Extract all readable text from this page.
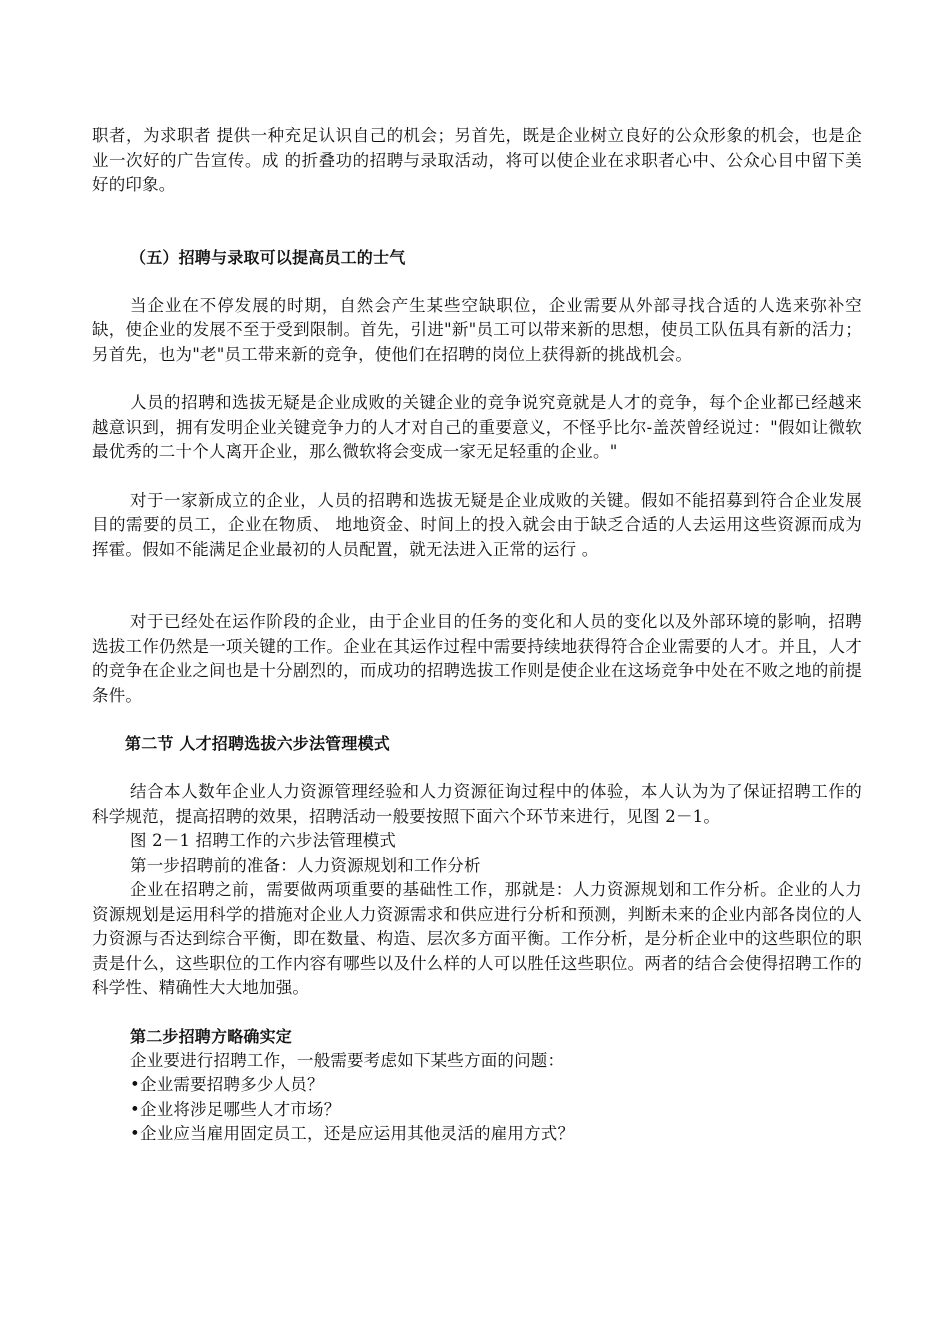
职者，为求职者 提供一种充足认识自己的机会；另首先，既是企业树立良好的公众形象的机会，也是企业一次好的广告宣传。成 的折叠功的招聘与录取活动，将可以使企业在求职者心中、公众心目中留下美好的印象。

（五）招聘与录取可以提高员工的士气

当企业在不停发展的时期，自然会产生某些空缺职位，企业需要从外部寻找合适的人选来弥补空缺，使企业的发展不至于受到限制。首先，引进"新"员工可以带来新的思想，使员工队伍具有新的活力；另首先，也为"老"员工带来新的竞争，使他们在招聘的岗位上获得新的挑战机会。

人员的招聘和选拔无疑是企业成败的关键企业的竞争说究竟就是人才的竞争，每个企业都已经越来越意识到，拥有发明企业关键竞争力的人才对自己的重要意义，不怪乎比尔-盖茨曾经说过："假如让微软最优秀的二十个人离开企业，那么微软将会变成一家无足轻重的企业。"

对于一家新成立的企业，人员的招聘和选拔无疑是企业成败的关键。假如不能招募到符合企业发展目的需要的员工，企业在物质、 地地资金、时间上的投入就会由于缺乏合适的人去运用这些资源而成为挥霍。假如不能满足企业最初的人员配置，就无法进入正常的运行 。

对于已经处在运作阶段的企业，由于企业目的任务的变化和人员的变化以及外部环境的影响，招聘选拔工作仍然是一项关键的工作。企业在其运作过程中需要持续地获得符合企业需要的人才。并且，人才的竞争在企业之间也是十分剧烈的，而成功的招聘选拔工作则是使企业在这场竞争中处在不败之地的前提条件。

第二节 人才招聘选拔六步法管理模式

结合本人数年企业人力资源管理经验和人力资源征询过程中的体验，本人认为为了保证招聘工作的科学规范，提高招聘的效果，招聘活动一般要按照下面六个环节来进行，见图 2－1。

图 2－1 招聘工作的六步法管理模式

第一步招聘前的准备：人力资源规划和工作分析

企业在招聘之前，需要做两项重要的基础性工作，那就是：人力资源规划和工作分析。企业的人力资源规划是运用科学的措施对企业人力资源需求和供应进行分析和预测，判断未来的企业内部各岗位的人力资源与否达到综合平衡，即在数量、构造、层次多方面平衡。工作分析，是分析企业中的这些职位的职责是什么，这些职位的工作内容有哪些以及什么样的人可以胜任这些职位。两者的结合会使得招聘工作的科学性、精确性大大地加强。

第二步招聘方略确实定

企业要进行招聘工作，一般需要考虑如下某些方面的问题：

•企业需要招聘多少人员？

•企业将涉足哪些人才市场？

•企业应当雇用固定员工，还是应运用其他灵活的雇用方式？
